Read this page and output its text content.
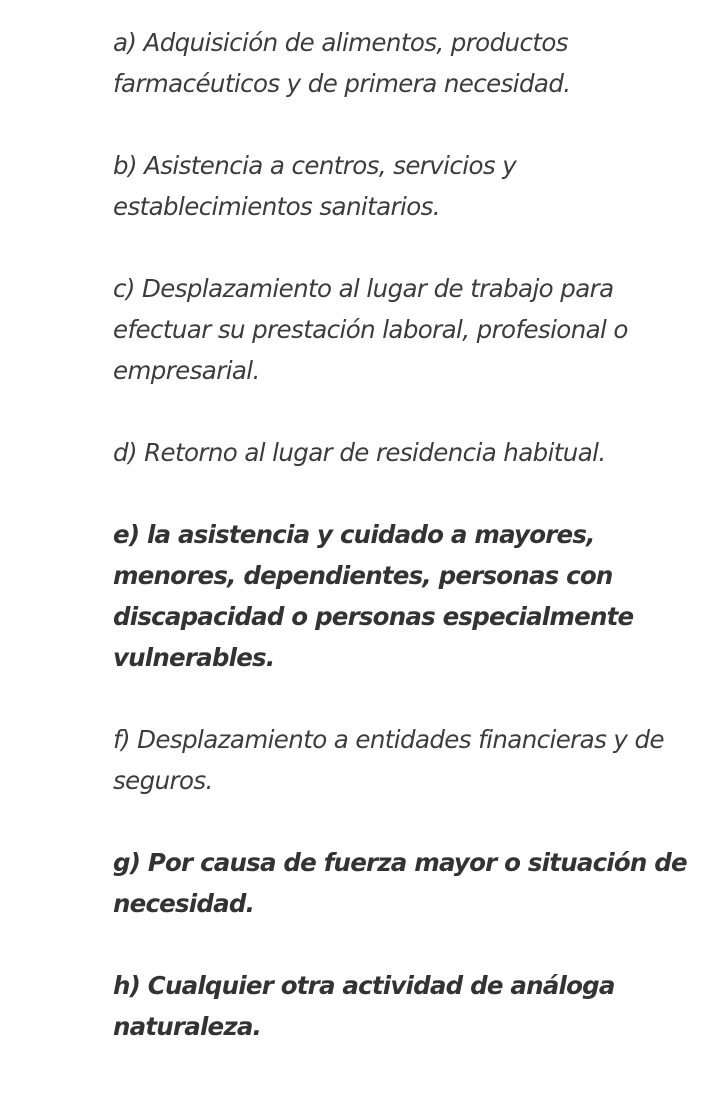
a) Adquisición de alimentos, productos farmacéuticos y de primera necesidad.

b) Asistencia a centros, servicios y establecimientos sanitarios.

c) Desplazamiento al lugar de trabajo para efectuar su prestación laboral, profesional o empresarial.

d) Retorno al lugar de residencia habitual.

e) la asistencia y cuidado a mayores, menores, dependientes, personas con discapacidad o personas especialmente vulnerables.

f) Desplazamiento a entidades financieras y de seguros.

g) Por causa de fuerza mayor o situación de necesidad.

h) Cualquier otra actividad de análoga naturaleza.
